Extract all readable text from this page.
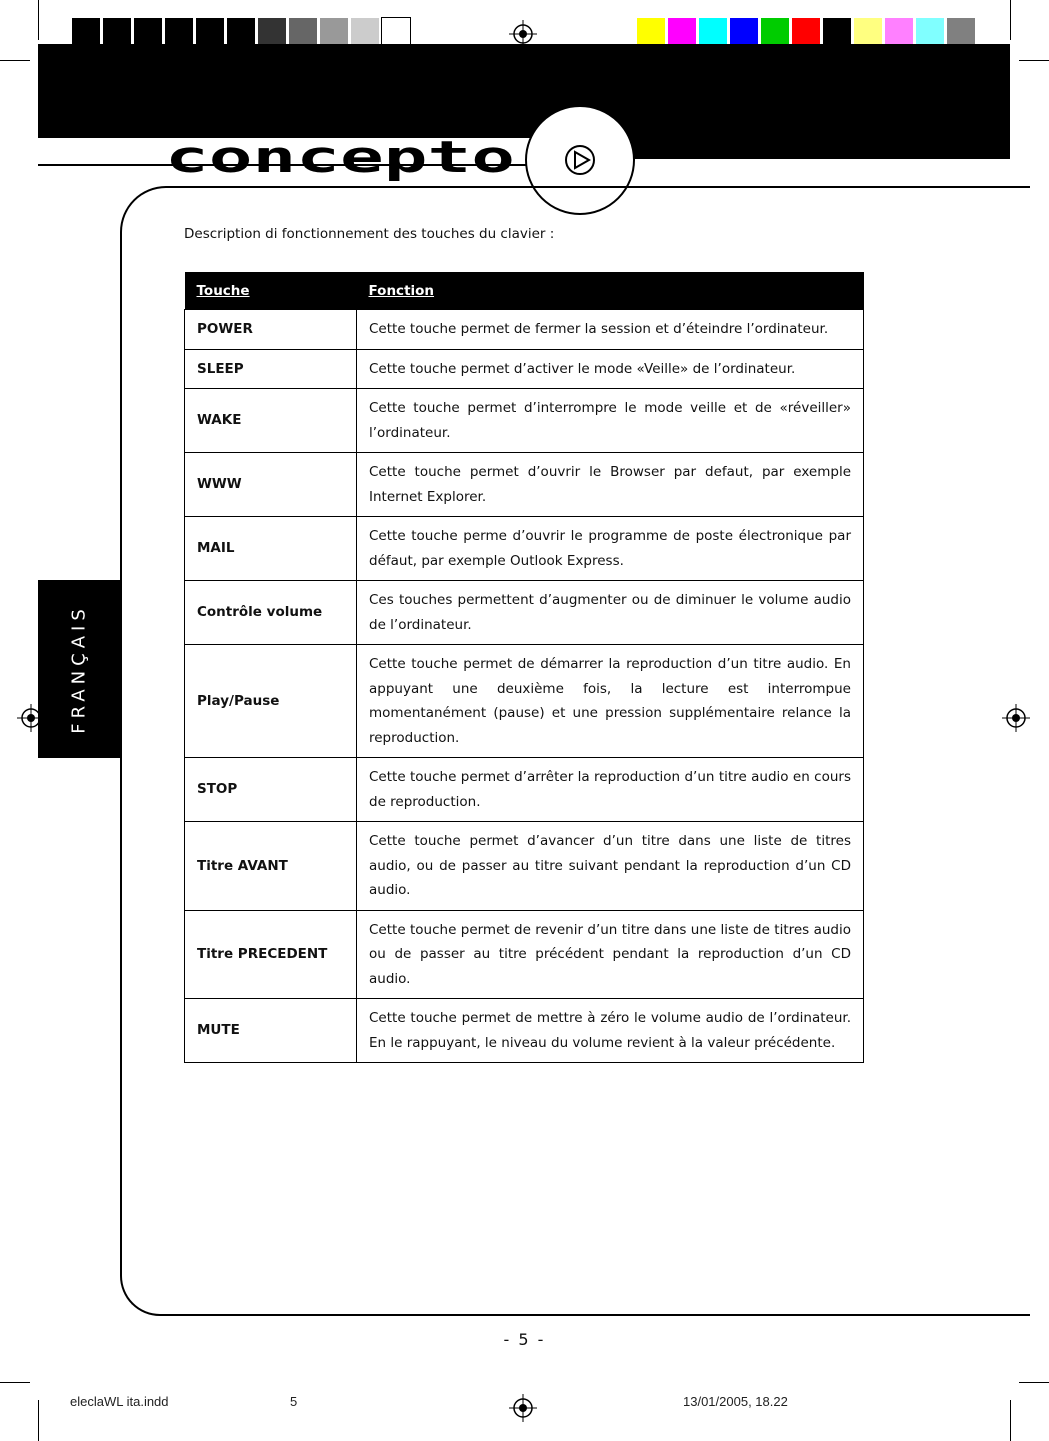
concepto
FRANÇAIS
Description di fonctionnement des touches du clavier :
Touche	Fonction
POWER	Cette touche permet de fermer la session et d’éteindre l’ordinateur.
SLEEP	Cette touche permet d’activer le mode «Veille» de l’ordinateur.
WAKE	Cette touche permet d’interrompre le mode veille et de «réveiller» l’ordinateur.
WWW	Cette touche permet d’ouvrir le Browser par defaut, par exemple Internet Explorer.
MAIL	Cette touche perme d’ouvrir le programme de poste électronique par défaut, par exemple Outlook Express.
Contrôle volume	Ces touches permettent d’augmenter ou de diminuer le volume audio de l’ordinateur.
Play/Pause	Cette touche permet de démarrer la reproduction d’un titre audio. En appuyant une deuxième fois, la lecture est interrompue momentanément (pause) et une pression supplémentaire relance la reproduction.
STOP	Cette touche permet d’arrêter la reproduction d’un titre audio en cours de reproduction.
Titre AVANT	Cette touche permet d’avancer d’un titre dans une liste de titres audio, ou de passer au titre suivant pendant la reproduction d’un CD audio.
Titre PRECEDENT	Cette touche permet de revenir d’un titre dans une liste de titres audio ou de passer au titre précédent pendant la reproduction d’un CD audio.
MUTE	Cette touche permet de mettre à zéro le volume audio de l’ordinateur. En le rappuyant, le niveau du volume revient à la valeur précédente.
- 5 -
eleclaWL ita.indd	5	13/01/2005, 18.22
